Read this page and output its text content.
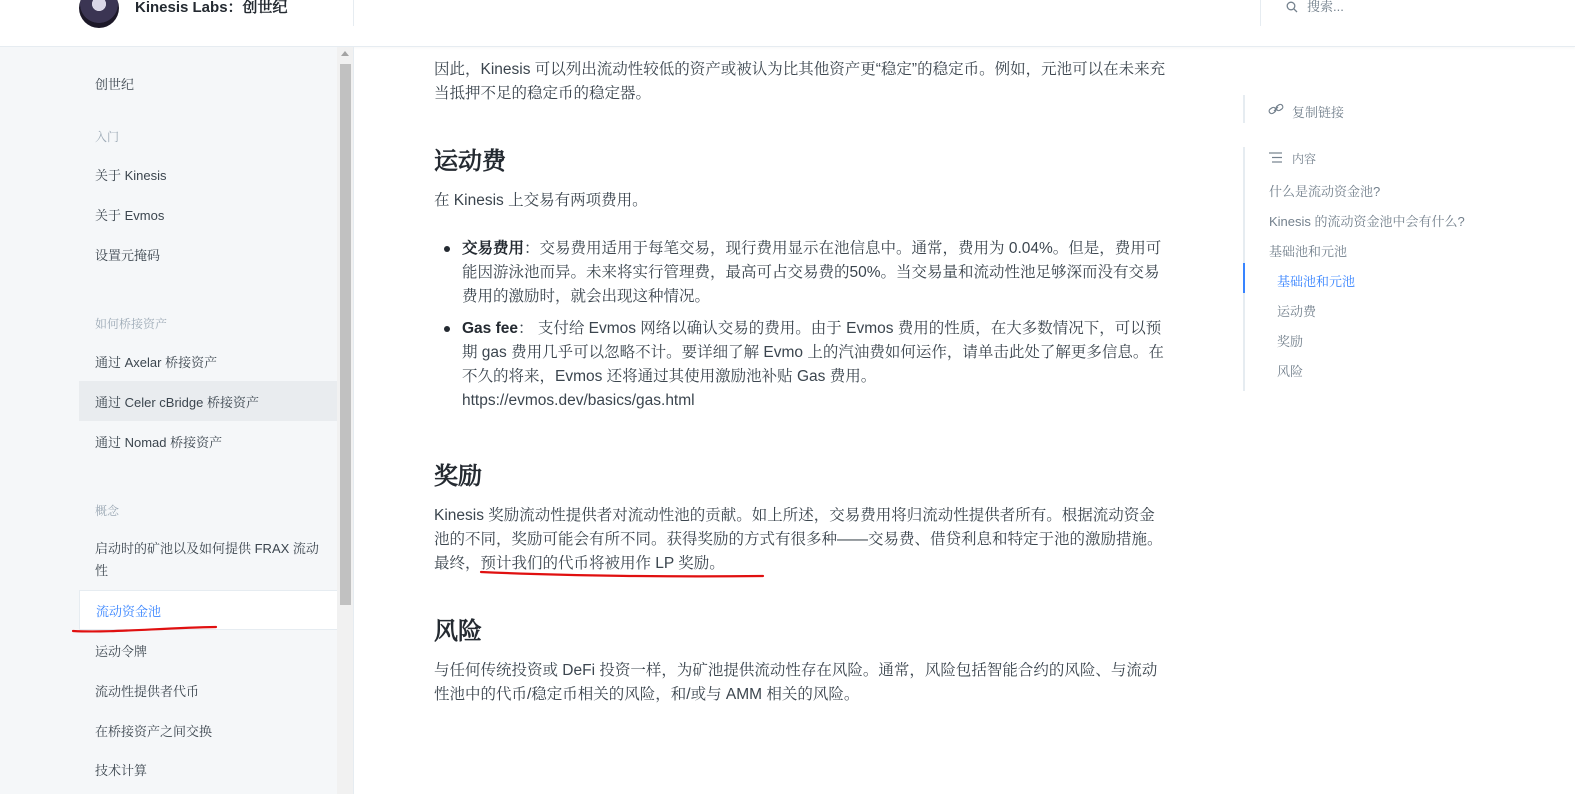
Kinesis Labs：创世纪	搜索...
创世纪
入门
关于 Kinesis
关于 Evmos
设置元掩码
如何桥接资产
通过 Axelar 桥接资产
通过 Celer cBridge 桥接资产
通过 Nomad 桥接资产
概念
启动时的矿池以及如何提供 FRAX 流动性
流动资金池
运动令牌
流动性提供者代币
在桥接资产之间交换
技术计算
因此，Kinesis 可以列出流动性较低的资产或被认为比其他资产更“稳定”的稳定币。例如，元池可以在未来充当抵押不足的稳定币的稳定器。
运动费
在 Kinesis 上交易有两项费用。
交易费用：交易费用适用于每笔交易，现行费用显示在池信息中。通常，费用为 0.04%。但是，费用可能因游泳池而异。未来将实行管理费，最高可占交易费的50%。当交易量和流动性池足够深而没有交易费用的激励时，就会出现这种情况。
Gas fee： 支付给 Evmos 网络以确认交易的费用。由于 Evmos 费用的性质，在大多数情况下，可以预期 gas 费用几乎可以忽略不计。要详细了解 Evmo 上的汽油费如何运作，请单击此处了解更多信息。在不久的将来，Evmos 还将通过其使用激励池补贴 Gas 费用。
https://evmos.dev/basics/gas.html
奖励
Kinesis 奖励流动性提供者对流动性池的贡献。如上所述，交易费用将归流动性提供者所有。根据流动资金池的不同，奖励可能会有所不同。获得奖励的方式有很多种——交易费、借贷利息和特定于池的激励措施。最终，预计我们的代币将被用作 LP 奖励。
风险
与任何传统投资或 DeFi 投资一样，为矿池提供流动性存在风险。通常，风险包括智能合约的风险、与流动性池中的代币/稳定币相关的风险，和/或与 AMM 相关的风险。
复制链接
内容
什么是流动资金池?
Kinesis 的流动资金池中会有什么?
基础池和元池
基础池和元池
运动费
奖励
风险
